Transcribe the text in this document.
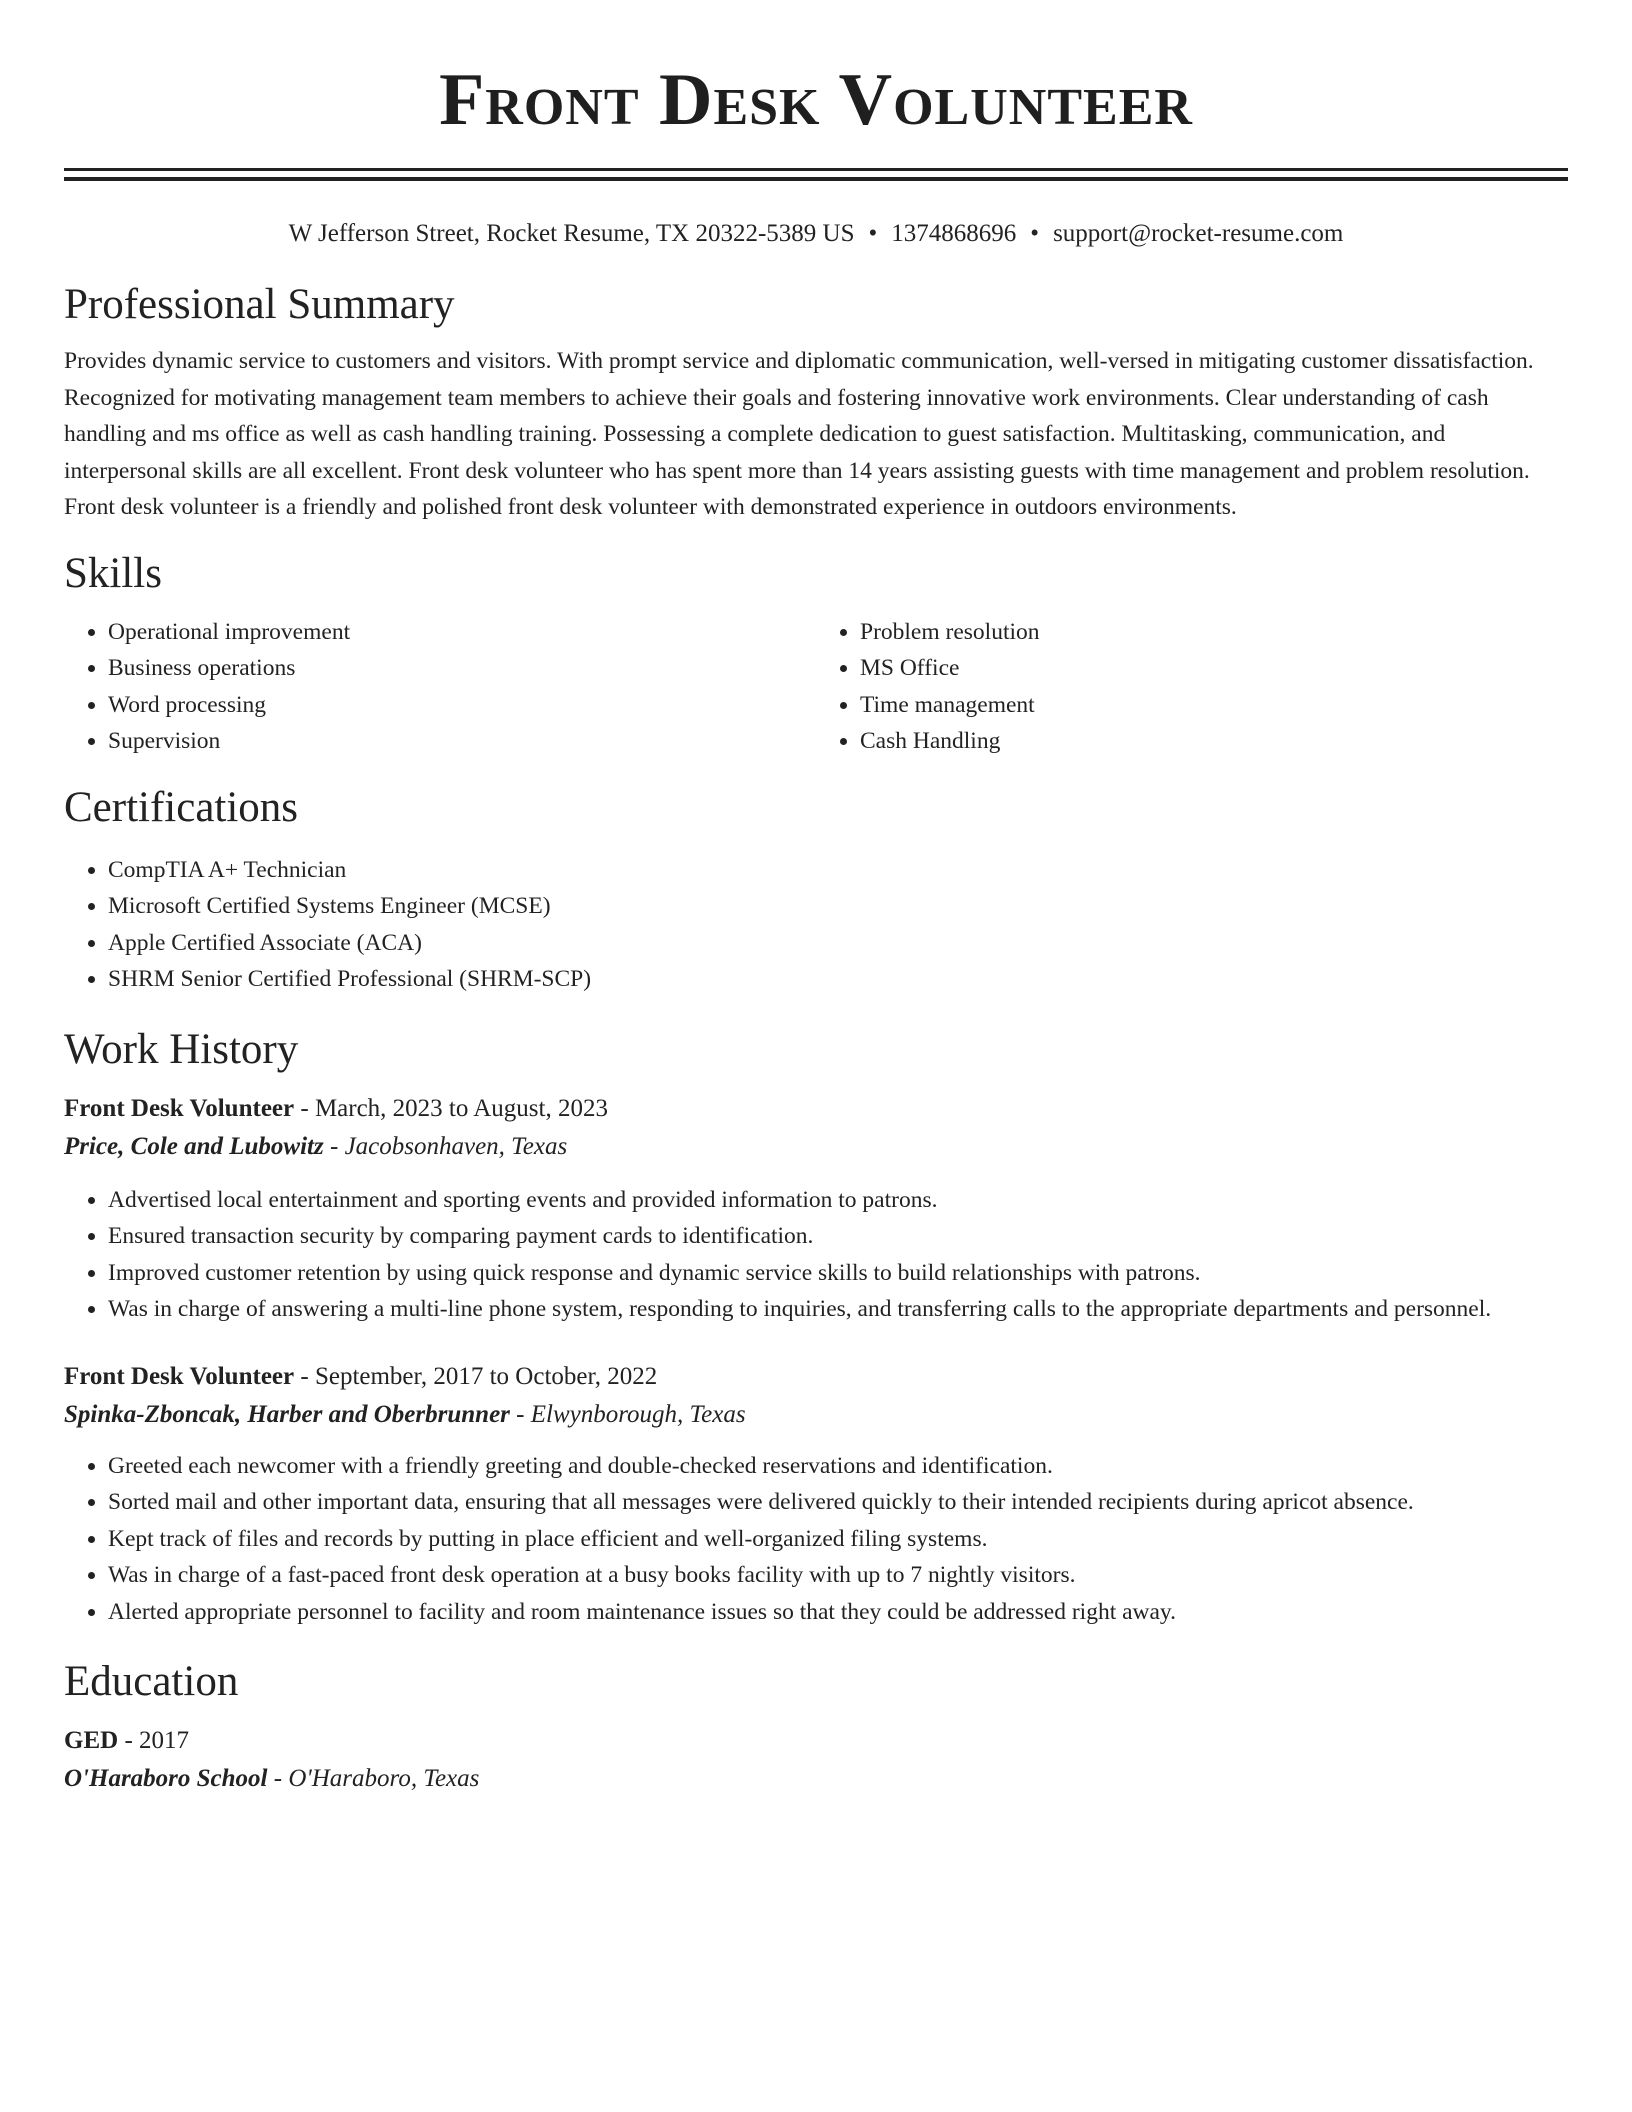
Front Desk Volunteer
W Jefferson Street, Rocket Resume, TX 20322-5389 US • 1374868696 • support@rocket-resume.com
Professional Summary

Provides dynamic service to customers and visitors. With prompt service and diplomatic communication, well-versed in mitigating customer dissatisfaction. Recognized for motivating management team members to achieve their goals and fostering innovative work environments. Clear understanding of cash handling and ms office as well as cash handling training. Possessing a complete dedication to guest satisfaction. Multitasking, communication, and interpersonal skills are all excellent. Front desk volunteer who has spent more than 14 years assisting guests with time management and problem resolution. Front desk volunteer is a friendly and polished front desk volunteer with demonstrated experience in outdoors environments.

Skills
• Operational improvement
• Business operations
• Word processing
• Supervision
• Problem resolution
• MS Office
• Time management
• Cash Handling
Certifications
• CompTIA A+ Technician
• Microsoft Certified Systems Engineer (MCSE)
• Apple Certified Associate (ACA)
• SHRM Senior Certified Professional (SHRM-SCP)
Work History
Front Desk Volunteer - March, 2023 to August, 2023
Price, Cole and Lubowitz - Jacobsonhaven, Texas
• Advertised local entertainment and sporting events and provided information to patrons.
• Ensured transaction security by comparing payment cards to identification.
• Improved customer retention by using quick response and dynamic service skills to build relationships with patrons.
• Was in charge of answering a multi-line phone system, responding to inquiries, and transferring calls to the appropriate departments and personnel.
Front Desk Volunteer - September, 2017 to October, 2022
Spinka-Zboncak, Harber and Oberbrunner - Elwynborough, Texas
• Greeted each newcomer with a friendly greeting and double-checked reservations and identification.
• Sorted mail and other important data, ensuring that all messages were delivered quickly to their intended recipients during apricot absence.
• Kept track of files and records by putting in place efficient and well-organized filing systems.
• Was in charge of a fast-paced front desk operation at a busy books facility with up to 7 nightly visitors.
• Alerted appropriate personnel to facility and room maintenance issues so that they could be addressed right away.
Education
GED - 2017
O'Haraboro School - O'Haraboro, Texas
